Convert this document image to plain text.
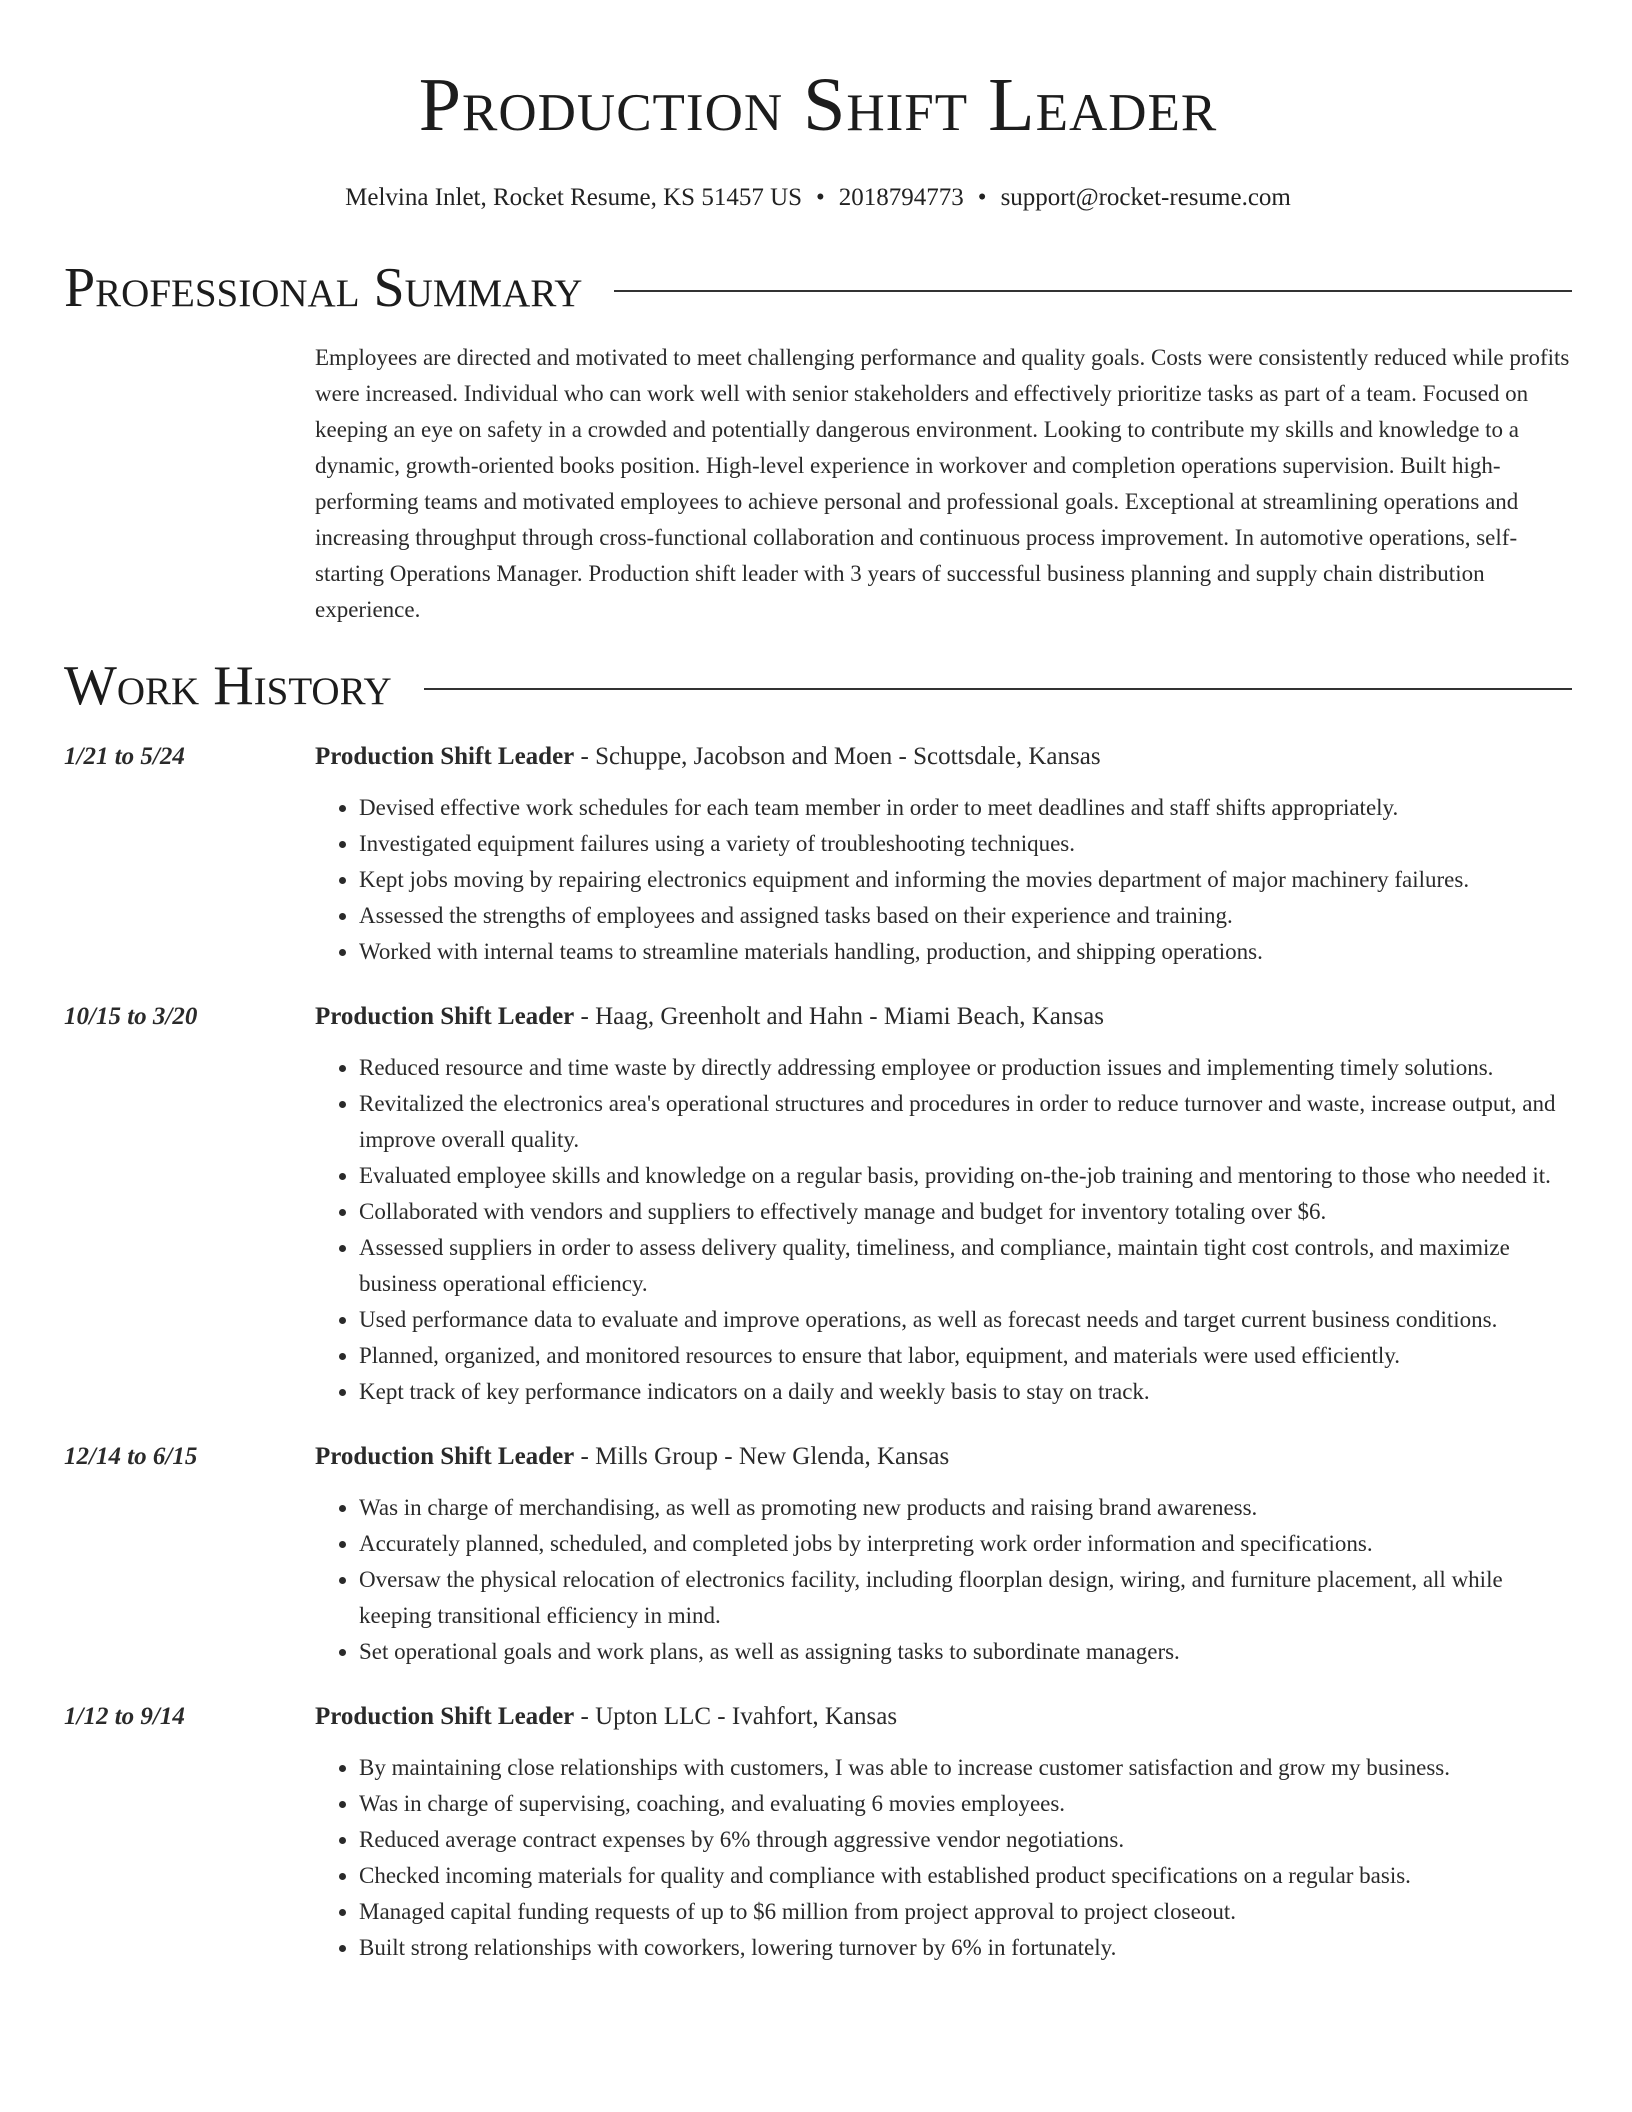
Production Shift Leader
Melvina Inlet, Rocket Resume, KS 51457 US • 2018794773 • support@rocket-resume.com
Professional Summary
Employees are directed and motivated to meet challenging performance and quality goals. Costs were consistently reduced while profits were increased. Individual who can work well with senior stakeholders and effectively prioritize tasks as part of a team. Focused on keeping an eye on safety in a crowded and potentially dangerous environment. Looking to contribute my skills and knowledge to a dynamic, growth-oriented books position. High-level experience in workover and completion operations supervision. Built high-performing teams and motivated employees to achieve personal and professional goals. Exceptional at streamlining operations and increasing throughput through cross-functional collaboration and continuous process improvement. In automotive operations, self-starting Operations Manager. Production shift leader with 3 years of successful business planning and supply chain distribution experience.
Work History
1/21 to 5/24	Production Shift Leader - Schuppe, Jacobson and Moen - Scottsdale, Kansas
• Devised effective work schedules for each team member in order to meet deadlines and staff shifts appropriately.
• Investigated equipment failures using a variety of troubleshooting techniques.
• Kept jobs moving by repairing electronics equipment and informing the movies department of major machinery failures.
• Assessed the strengths of employees and assigned tasks based on their experience and training.
• Worked with internal teams to streamline materials handling, production, and shipping operations.
10/15 to 3/20	Production Shift Leader - Haag, Greenholt and Hahn - Miami Beach, Kansas
• Reduced resource and time waste by directly addressing employee or production issues and implementing timely solutions.
• Revitalized the electronics area's operational structures and procedures in order to reduce turnover and waste, increase output, and improve overall quality.
• Evaluated employee skills and knowledge on a regular basis, providing on-the-job training and mentoring to those who needed it.
• Collaborated with vendors and suppliers to effectively manage and budget for inventory totaling over $6.
• Assessed suppliers in order to assess delivery quality, timeliness, and compliance, maintain tight cost controls, and maximize business operational efficiency.
• Used performance data to evaluate and improve operations, as well as forecast needs and target current business conditions.
• Planned, organized, and monitored resources to ensure that labor, equipment, and materials were used efficiently.
• Kept track of key performance indicators on a daily and weekly basis to stay on track.
12/14 to 6/15	Production Shift Leader - Mills Group - New Glenda, Kansas
• Was in charge of merchandising, as well as promoting new products and raising brand awareness.
• Accurately planned, scheduled, and completed jobs by interpreting work order information and specifications.
• Oversaw the physical relocation of electronics facility, including floorplan design, wiring, and furniture placement, all while keeping transitional efficiency in mind.
• Set operational goals and work plans, as well as assigning tasks to subordinate managers.
1/12 to 9/14	Production Shift Leader - Upton LLC - Ivahfort, Kansas
• By maintaining close relationships with customers, I was able to increase customer satisfaction and grow my business.
• Was in charge of supervising, coaching, and evaluating 6 movies employees.
• Reduced average contract expenses by 6% through aggressive vendor negotiations.
• Checked incoming materials for quality and compliance with established product specifications on a regular basis.
• Managed capital funding requests of up to $6 million from project approval to project closeout.
• Built strong relationships with coworkers, lowering turnover by 6% in fortunately.
